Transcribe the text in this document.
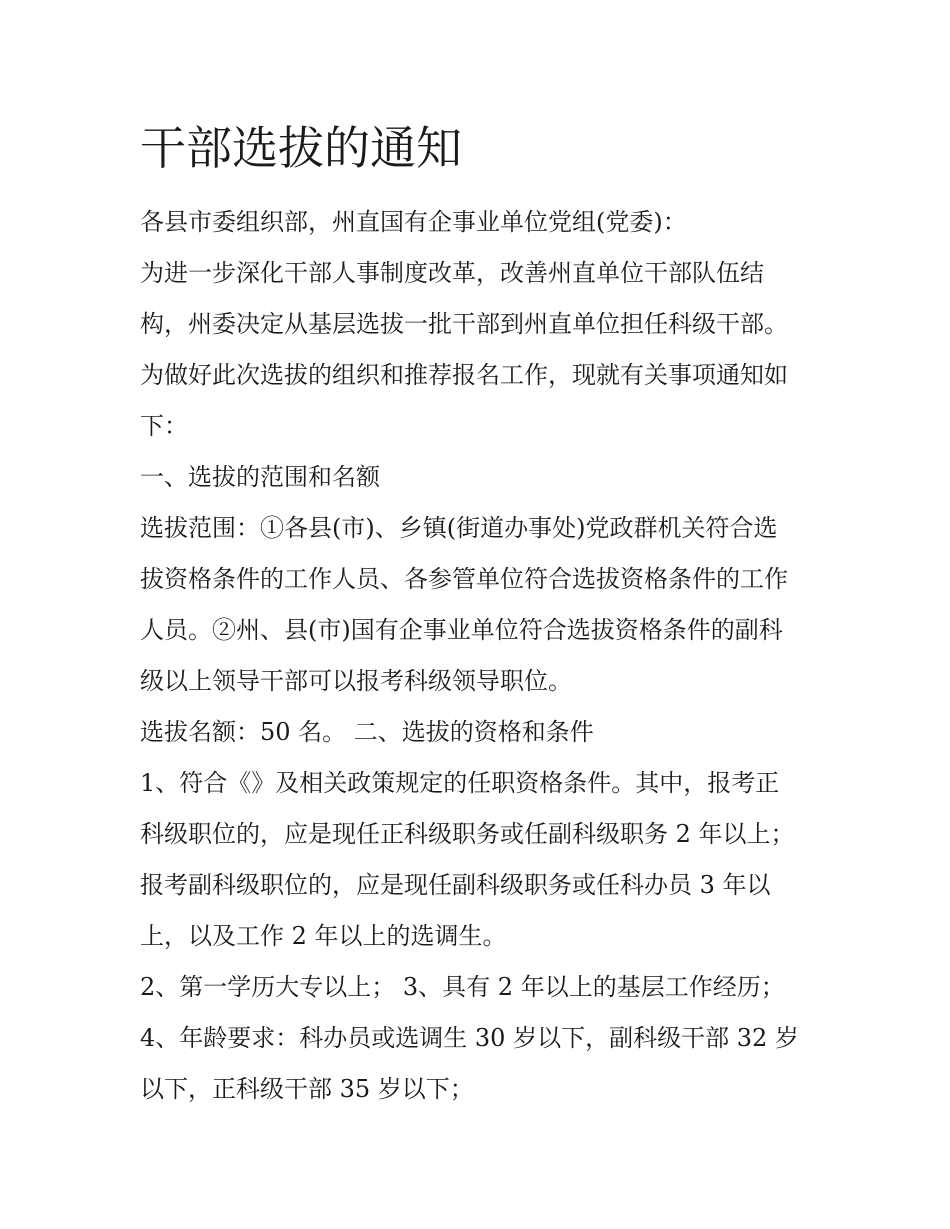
干部选拔的通知
各县市委组织部，州直国有企事业单位党组(党委)：
为进一步深化干部人事制度改革，改善州直单位干部队伍结
构，州委决定从基层选拔一批干部到州直单位担任科级干部。
为做好此次选拔的组织和推荐报名工作，现就有关事项通知如
下：
一、选拔的范围和名额
选拔范围：①各县(市)、乡镇(街道办事处)党政群机关符合选
拔资格条件的工作人员、各参管单位符合选拔资格条件的工作
人员。②州、县(市)国有企事业单位符合选拔资格条件的副科
级以上领导干部可以报考科级领导职位。
选拔名额：50 名。 二、选拔的资格和条件
1、符合《》及相关政策规定的任职资格条件。其中，报考正
科级职位的，应是现任正科级职务或任副科级职务 2 年以上；
报考副科级职位的，应是现任副科级职务或任科办员 3 年以
上，以及工作 2 年以上的选调生。
2、第一学历大专以上； 3、具有 2 年以上的基层工作经历；
4、年龄要求：科办员或选调生 30 岁以下，副科级干部 32 岁
以下，正科级干部 35 岁以下；
